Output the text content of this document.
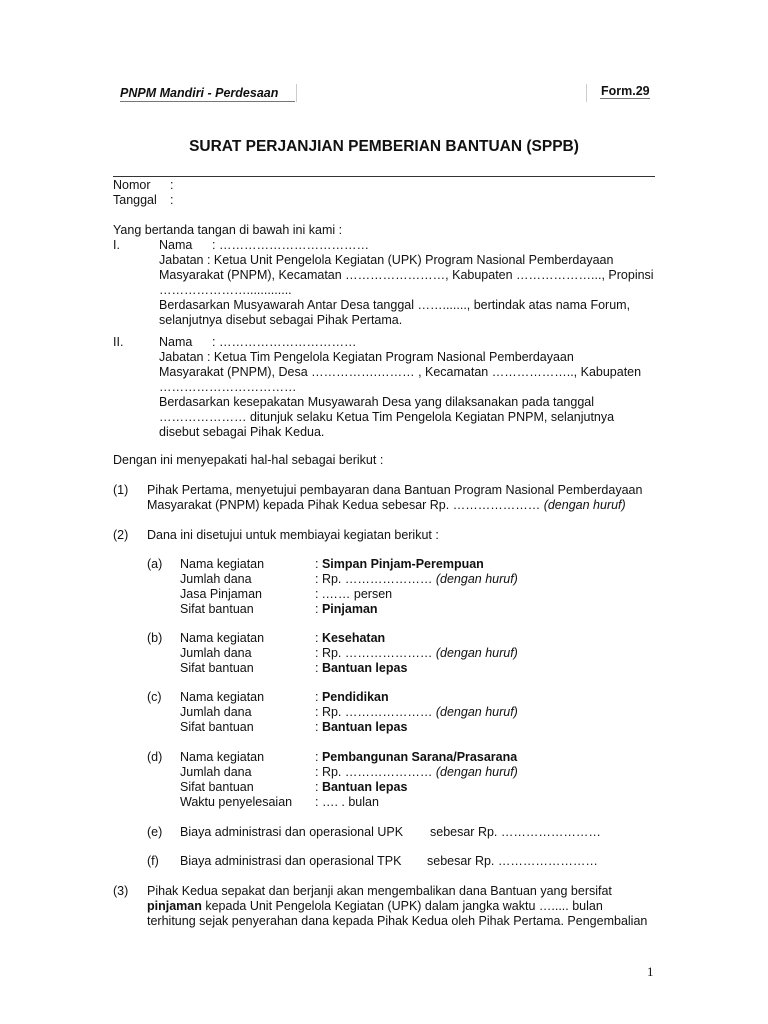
PNPM Mandiri - Perdesaan	Form.29
SURAT PERJANJIAN PEMBERIAN BANTUAN (SPPB)
Nomor :
Tanggal :
Yang bertanda tangan di bawah ini kami :
I.	Nama : ………………………………
Jabatan : Ketua Unit Pengelola Kegiatan (UPK) Program Nasional Pemberdayaan
Masyarakat (PNPM), Kecamatan ……………………, Kabupaten ………………..., Propinsi
………………….............
Berdasarkan Musyawarah Antar Desa tanggal ……......., bertindak atas nama Forum,
selanjutnya disebut sebagai Pihak Pertama.
II.	Nama : ……………………………
Jabatan : Ketua Tim Pengelola Kegiatan Program Nasional Pemberdayaan
Masyarakat (PNPM), Desa …………….……… , Kecamatan ……………….., Kabupaten
……………………………
Berdasarkan kesepakatan Musyawarah Desa yang dilaksanakan pada tanggal
………………… ditunjuk selaku Ketua Tim Pengelola Kegiatan PNPM, selanjutnya
disebut sebagai Pihak Kedua.
Dengan ini menyepakati hal-hal sebagai berikut :
(1) Pihak Pertama, menyetujui pembayaran dana Bantuan Program Nasional Pemberdayaan
Masyarakat (PNPM) kepada Pihak Kedua sebesar Rp. ………………… (dengan huruf)
(2) Dana ini disetujui untuk membiayai kegiatan berikut :
(a) Nama kegiatan	: Simpan Pinjam-Perempuan
Jumlah dana	: Rp. ………………… (dengan huruf)
Jasa Pinjaman	: .…… persen
Sifat bantuan	: Pinjaman
(b) Nama kegiatan	: Kesehatan
Jumlah dana	: Rp. ………………… (dengan huruf)
Sifat bantuan	: Bantuan lepas
(c) Nama kegiatan	: Pendidikan
Jumlah dana	: Rp. ………………… (dengan huruf)
Sifat bantuan	: Bantuan lepas
(d) Nama kegiatan	: Pembangunan Sarana/Prasarana
Jumlah dana	: Rp. ………………… (dengan huruf)
Sifat bantuan	: Bantuan lepas
Waktu penyelesaian : …. . bulan
(e) Biaya administrasi dan operasional UPK sebesar Rp. ……………………
(f) Biaya administrasi dan operasional TPK sebesar Rp. ……………………
(3) Pihak Kedua sepakat dan berjanji akan mengembalikan dana Bantuan yang bersifat
pinjaman kepada Unit Pengelola Kegiatan (UPK) dalam jangka waktu …..... bulan
terhitung sejak penyerahan dana kepada Pihak Kedua oleh Pihak Pertama. Pengembalian
1
